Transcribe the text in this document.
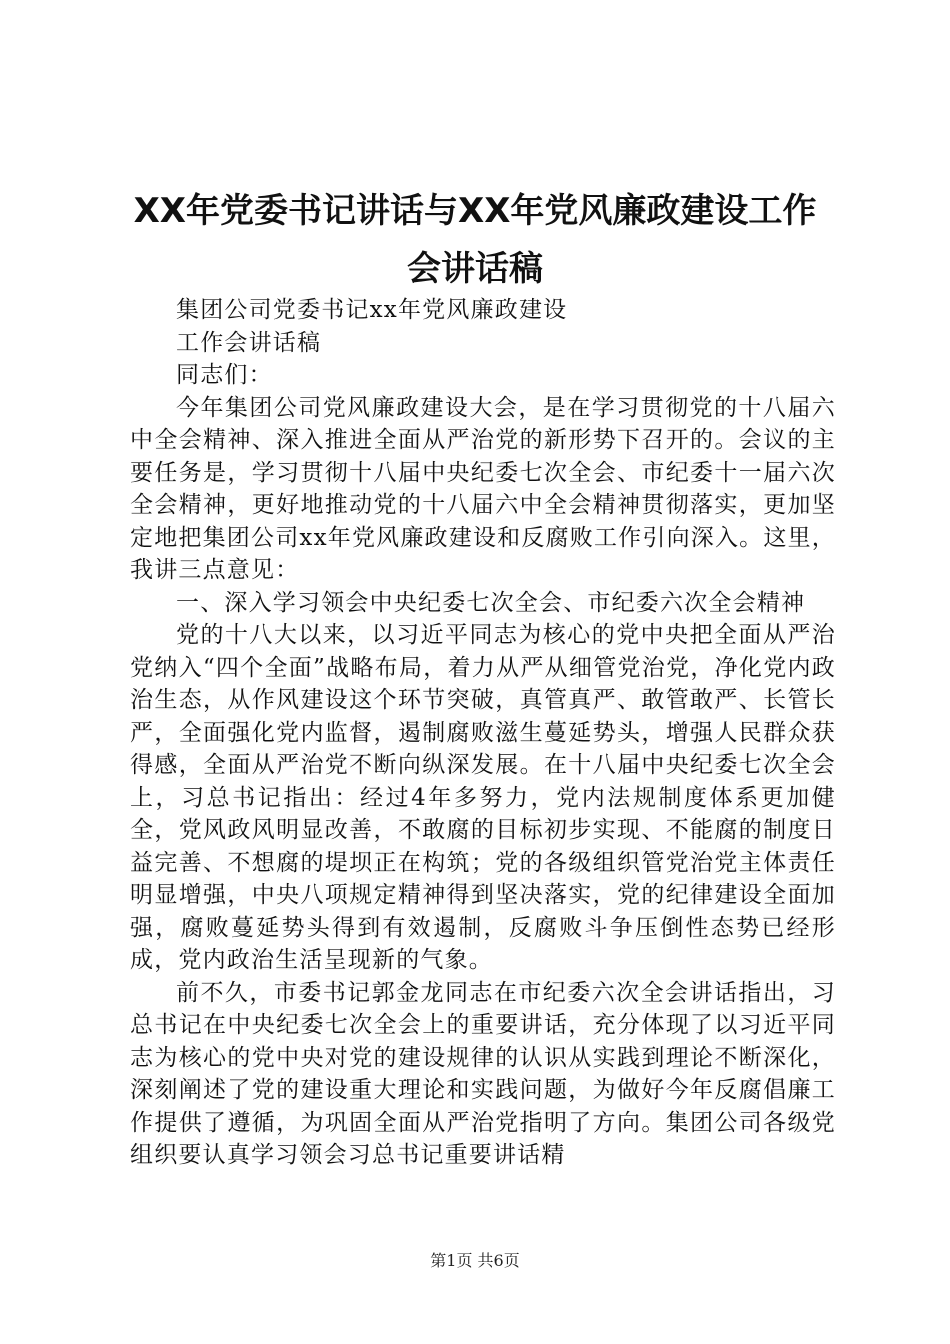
XX年党委书记讲话与XX年党风廉政建设工作
会讲话稿

集团公司党委书记xx年党风廉政建设

工作会讲话稿

同志们：

今年集团公司党风廉政建设大会，是在学习贯彻党的十八届六中全会精神、深入推进全面从严治党的新形势下召开的。会议的主要任务是，学习贯彻十八届中央纪委七次全会、市纪委十一届六次全会精神，更好地推动党的十八届六中全会精神贯彻落实，更加坚定地把集团公司xx年党风廉政建设和反腐败工作引向深入。这里，我讲三点意见：

一、深入学习领会中央纪委七次全会、市纪委六次全会精神

党的十八大以来，以习近平同志为核心的党中央把全面从严治党纳入“四个全面”战略布局，着力从严从细管党治党，净化党内政治生态，从作风建设这个环节突破，真管真严、敢管敢严、长管长严，全面强化党内监督，遏制腐败滋生蔓延势头，增强人民群众获得感，全面从严治党不断向纵深发展。在十八届中央纪委七次全会上，习总书记指出：经过4年多努力，党内法规制度体系更加健全，党风政风明显改善，不敢腐的目标初步实现、不能腐的制度日益完善、不想腐的堤坝正在构筑；党的各级组织管党治党主体责任明显增强，中央八项规定精神得到坚决落实，党的纪律建设全面加强，腐败蔓延势头得到有效遏制，反腐败斗争压倒性态势已经形成，党内政治生活呈现新的气象。

前不久，市委书记郭金龙同志在市纪委六次全会讲话指出，习总书记在中央纪委七次全会上的重要讲话，充分体现了以习近平同志为核心的党中央对党的建设规律的认识从实践到理论不断深化，深刻阐述了党的建设重大理论和实践问题，为做好今年反腐倡廉工作提供了遵循，为巩固全面从严治党指明了方向。集团公司各级党组织要认真学习领会习总书记重要讲话精

第1页 共6页
